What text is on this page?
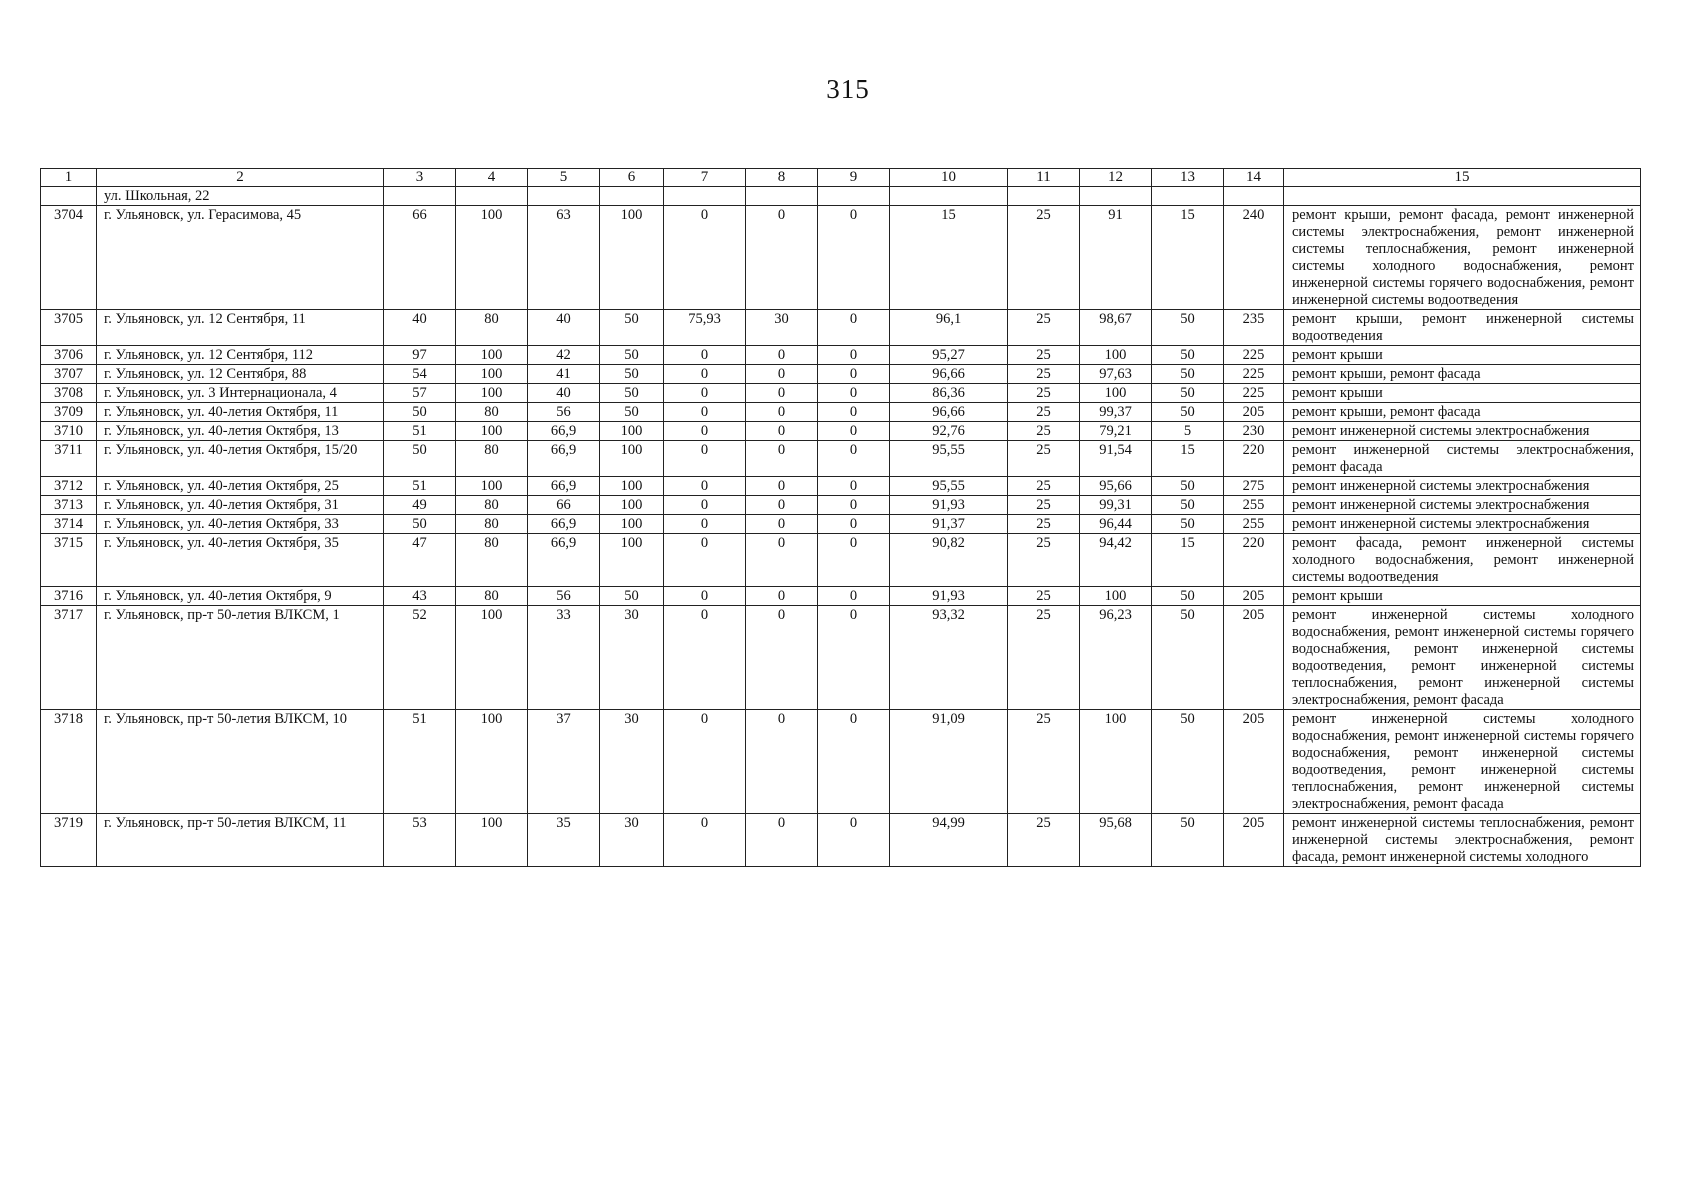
315
1	2	3	4	5	6	7	8	9	10	11	12	13	14	15
	ул. Школьная, 22													
3704	г. Ульяновск, ул. Герасимова, 45	66	100	63	100	0	0	0	15	25	91	15	240	ремонт крыши, ремонт фасада, ремонт инженерной системы электроснабжения, ремонт инженерной системы теплоснабжения, ремонт инженерной системы холодного водоснабжения, ремонт инженерной системы горячего водоснабжения, ремонт инженерной системы водоотведения
3705	г. Ульяновск, ул. 12 Сентября, 11	40	80	40	50	75,93	30	0	96,1	25	98,67	50	235	ремонт крыши, ремонт инженерной системы водоотведения
3706	г. Ульяновск, ул. 12 Сентября, 112	97	100	42	50	0	0	0	95,27	25	100	50	225	ремонт крыши
3707	г. Ульяновск, ул. 12 Сентября, 88	54	100	41	50	0	0	0	96,66	25	97,63	50	225	ремонт крыши, ремонт фасада
3708	г. Ульяновск, ул. 3 Интернационала, 4	57	100	40	50	0	0	0	86,36	25	100	50	225	ремонт крыши
3709	г. Ульяновск, ул. 40-летия Октября, 11	50	80	56	50	0	0	0	96,66	25	99,37	50	205	ремонт крыши, ремонт фасада
3710	г. Ульяновск, ул. 40-летия Октября, 13	51	100	66,9	100	0	0	0	92,76	25	79,21	5	230	ремонт инженерной системы электроснабжения
3711	г. Ульяновск, ул. 40-летия Октября, 15/20	50	80	66,9	100	0	0	0	95,55	25	91,54	15	220	ремонт инженерной системы электроснабжения, ремонт фасада
3712	г. Ульяновск, ул. 40-летия Октября, 25	51	100	66,9	100	0	0	0	95,55	25	95,66	50	275	ремонт инженерной системы электроснабжения
3713	г. Ульяновск, ул. 40-летия Октября, 31	49	80	66	100	0	0	0	91,93	25	99,31	50	255	ремонт инженерной системы электроснабжения
3714	г. Ульяновск, ул. 40-летия Октября, 33	50	80	66,9	100	0	0	0	91,37	25	96,44	50	255	ремонт инженерной системы электроснабжения
3715	г. Ульяновск, ул. 40-летия Октября, 35	47	80	66,9	100	0	0	0	90,82	25	94,42	15	220	ремонт фасада, ремонт инженерной системы холодного водоснабжения, ремонт инженерной системы водоотведения
3716	г. Ульяновск, ул. 40-летия Октября, 9	43	80	56	50	0	0	0	91,93	25	100	50	205	ремонт крыши
3717	г. Ульяновск, пр-т 50-летия ВЛКСМ, 1	52	100	33	30	0	0	0	93,32	25	96,23	50	205	ремонт инженерной системы холодного водоснабжения, ремонт инженерной системы горячего водоснабжения, ремонт инженерной системы водоотведения, ремонт инженерной системы теплоснабжения, ремонт инженерной системы электроснабжения, ремонт фасада
3718	г. Ульяновск, пр-т 50-летия ВЛКСМ, 10	51	100	37	30	0	0	0	91,09	25	100	50	205	ремонт инженерной системы холодного водоснабжения, ремонт инженерной системы горячего водоснабжения, ремонт инженерной системы водоотведения, ремонт инженерной системы теплоснабжения, ремонт инженерной системы электроснабжения, ремонт фасада
3719	г. Ульяновск, пр-т 50-летия ВЛКСМ, 11	53	100	35	30	0	0	0	94,99	25	95,68	50	205	ремонт инженерной системы теплоснабжения, ремонт инженерной системы электроснабжения, ремонт фасада, ремонт инженерной системы холодного
